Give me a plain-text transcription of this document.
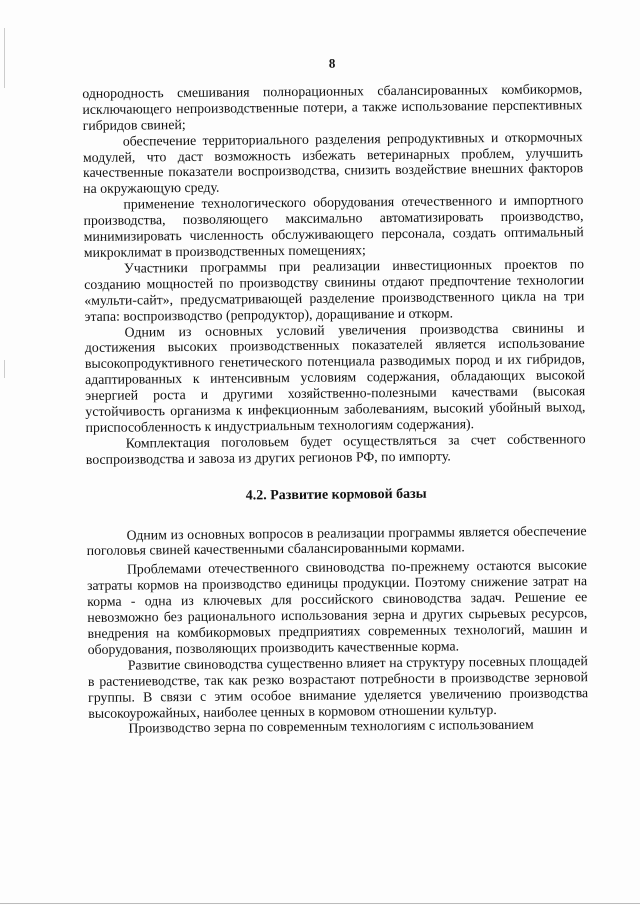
8

однородность смешивания полнорационных сбалансированных комбикормов, исключающего непроизводственные потери, а также использование перспективных гибридов свиней;

обеспечение территориального разделения репродуктивных и откормочных модулей, что даст возможность избежать ветеринарных проблем, улучшить качественные показатели воспроизводства, снизить воздействие внешних факторов на окружающую среду.

применение технологического оборудования отечественного и импортного производства, позволяющего максимально автоматизировать производство, минимизировать численность обслуживающего персонала, создать оптимальный микроклимат в производственных помещениях;

Участники программы при реализации инвестиционных проектов по созданию мощностей по производству свинины отдают предпочтение технологии «мульти-сайт», предусматривающей разделение производственного цикла на три этапа: воспроизводство (репродуктор), доращивание и откорм.

Одним из основных условий увеличения производства свинины и достижения высоких производственных показателей является использование высокопродуктивного генетического потенциала разводимых пород и их гибридов, адаптированных к интенсивным условиям содержания, обладающих высокой энергией роста и другими хозяйственно-полезными качествами (высокая устойчивость организма к инфекционным заболеваниям, высокий убойный выход, приспособленность к индустриальным технологиям содержания).

Комплектация поголовьем будет осуществляться за счет собственного воспроизводства и завоза из других регионов РФ, по импорту.

4.2. Развитие кормовой базы

Одним из основных вопросов в реализации программы является обеспечение поголовья свиней качественными сбалансированными кормами.

Проблемами отечественного свиноводства по-прежнему остаются высокие затраты кормов на производство единицы продукции. Поэтому снижение затрат на корма - одна из ключевых для российского свиноводства задач. Решение ее невозможно без рационального использования зерна и других сырьевых ресурсов, внедрения на комбикормовых предприятиях современных технологий, машин и оборудования, позволяющих производить качественные корма.

Развитие свиноводства существенно влияет на структуру посевных площадей в растениеводстве, так как резко возрастают потребности в производстве зерновой группы. В связи с этим особое внимание уделяется увеличению производства высокоурожайных, наиболее ценных в кормовом отношении культур.

Производство зерна по современным технологиям с использованием
